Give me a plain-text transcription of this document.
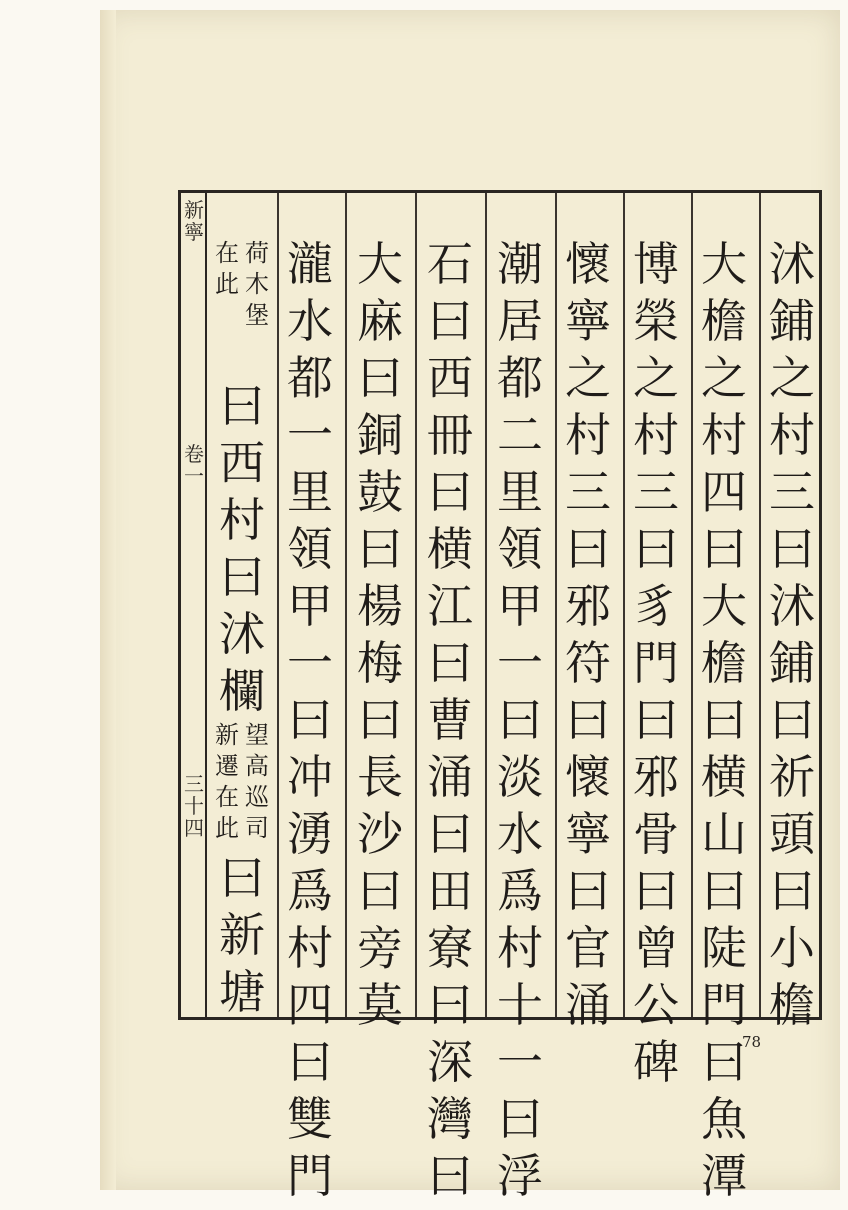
新寧
卷一
三十四
沭
鋪
之
村
三
曰
沭
鋪
曰
祈
頭
曰
小
檐
大
檐
之
村
四
曰
大
檐
曰
横
山
曰
陡
門
曰
魚
潭
博
榮
之
村
三
曰
豸
門
曰
邪
骨
曰
曾
公
碑
懷
寧
之
村
三
曰
邪
符
曰
懷
寧
曰
官
涌
潮
居
都
二
里
領
甲
一
曰
淡
水
爲
村
十
一
曰
浮
石
曰
西
冊
曰
横
江
曰
曹
涌
曰
田
寮
曰
深
灣
曰
大
麻
曰
銅
鼓
曰
楊
梅
曰
長
沙
曰
旁
莫
瀧
水
都
一
里
領
甲
一
曰
冲
湧
爲
村
四
曰
雙
門
荷
木
堡
在
此
曰
西
村
曰
沭
欄
望
高
巡
司
新
遷
在
此
曰
新
塘
78
